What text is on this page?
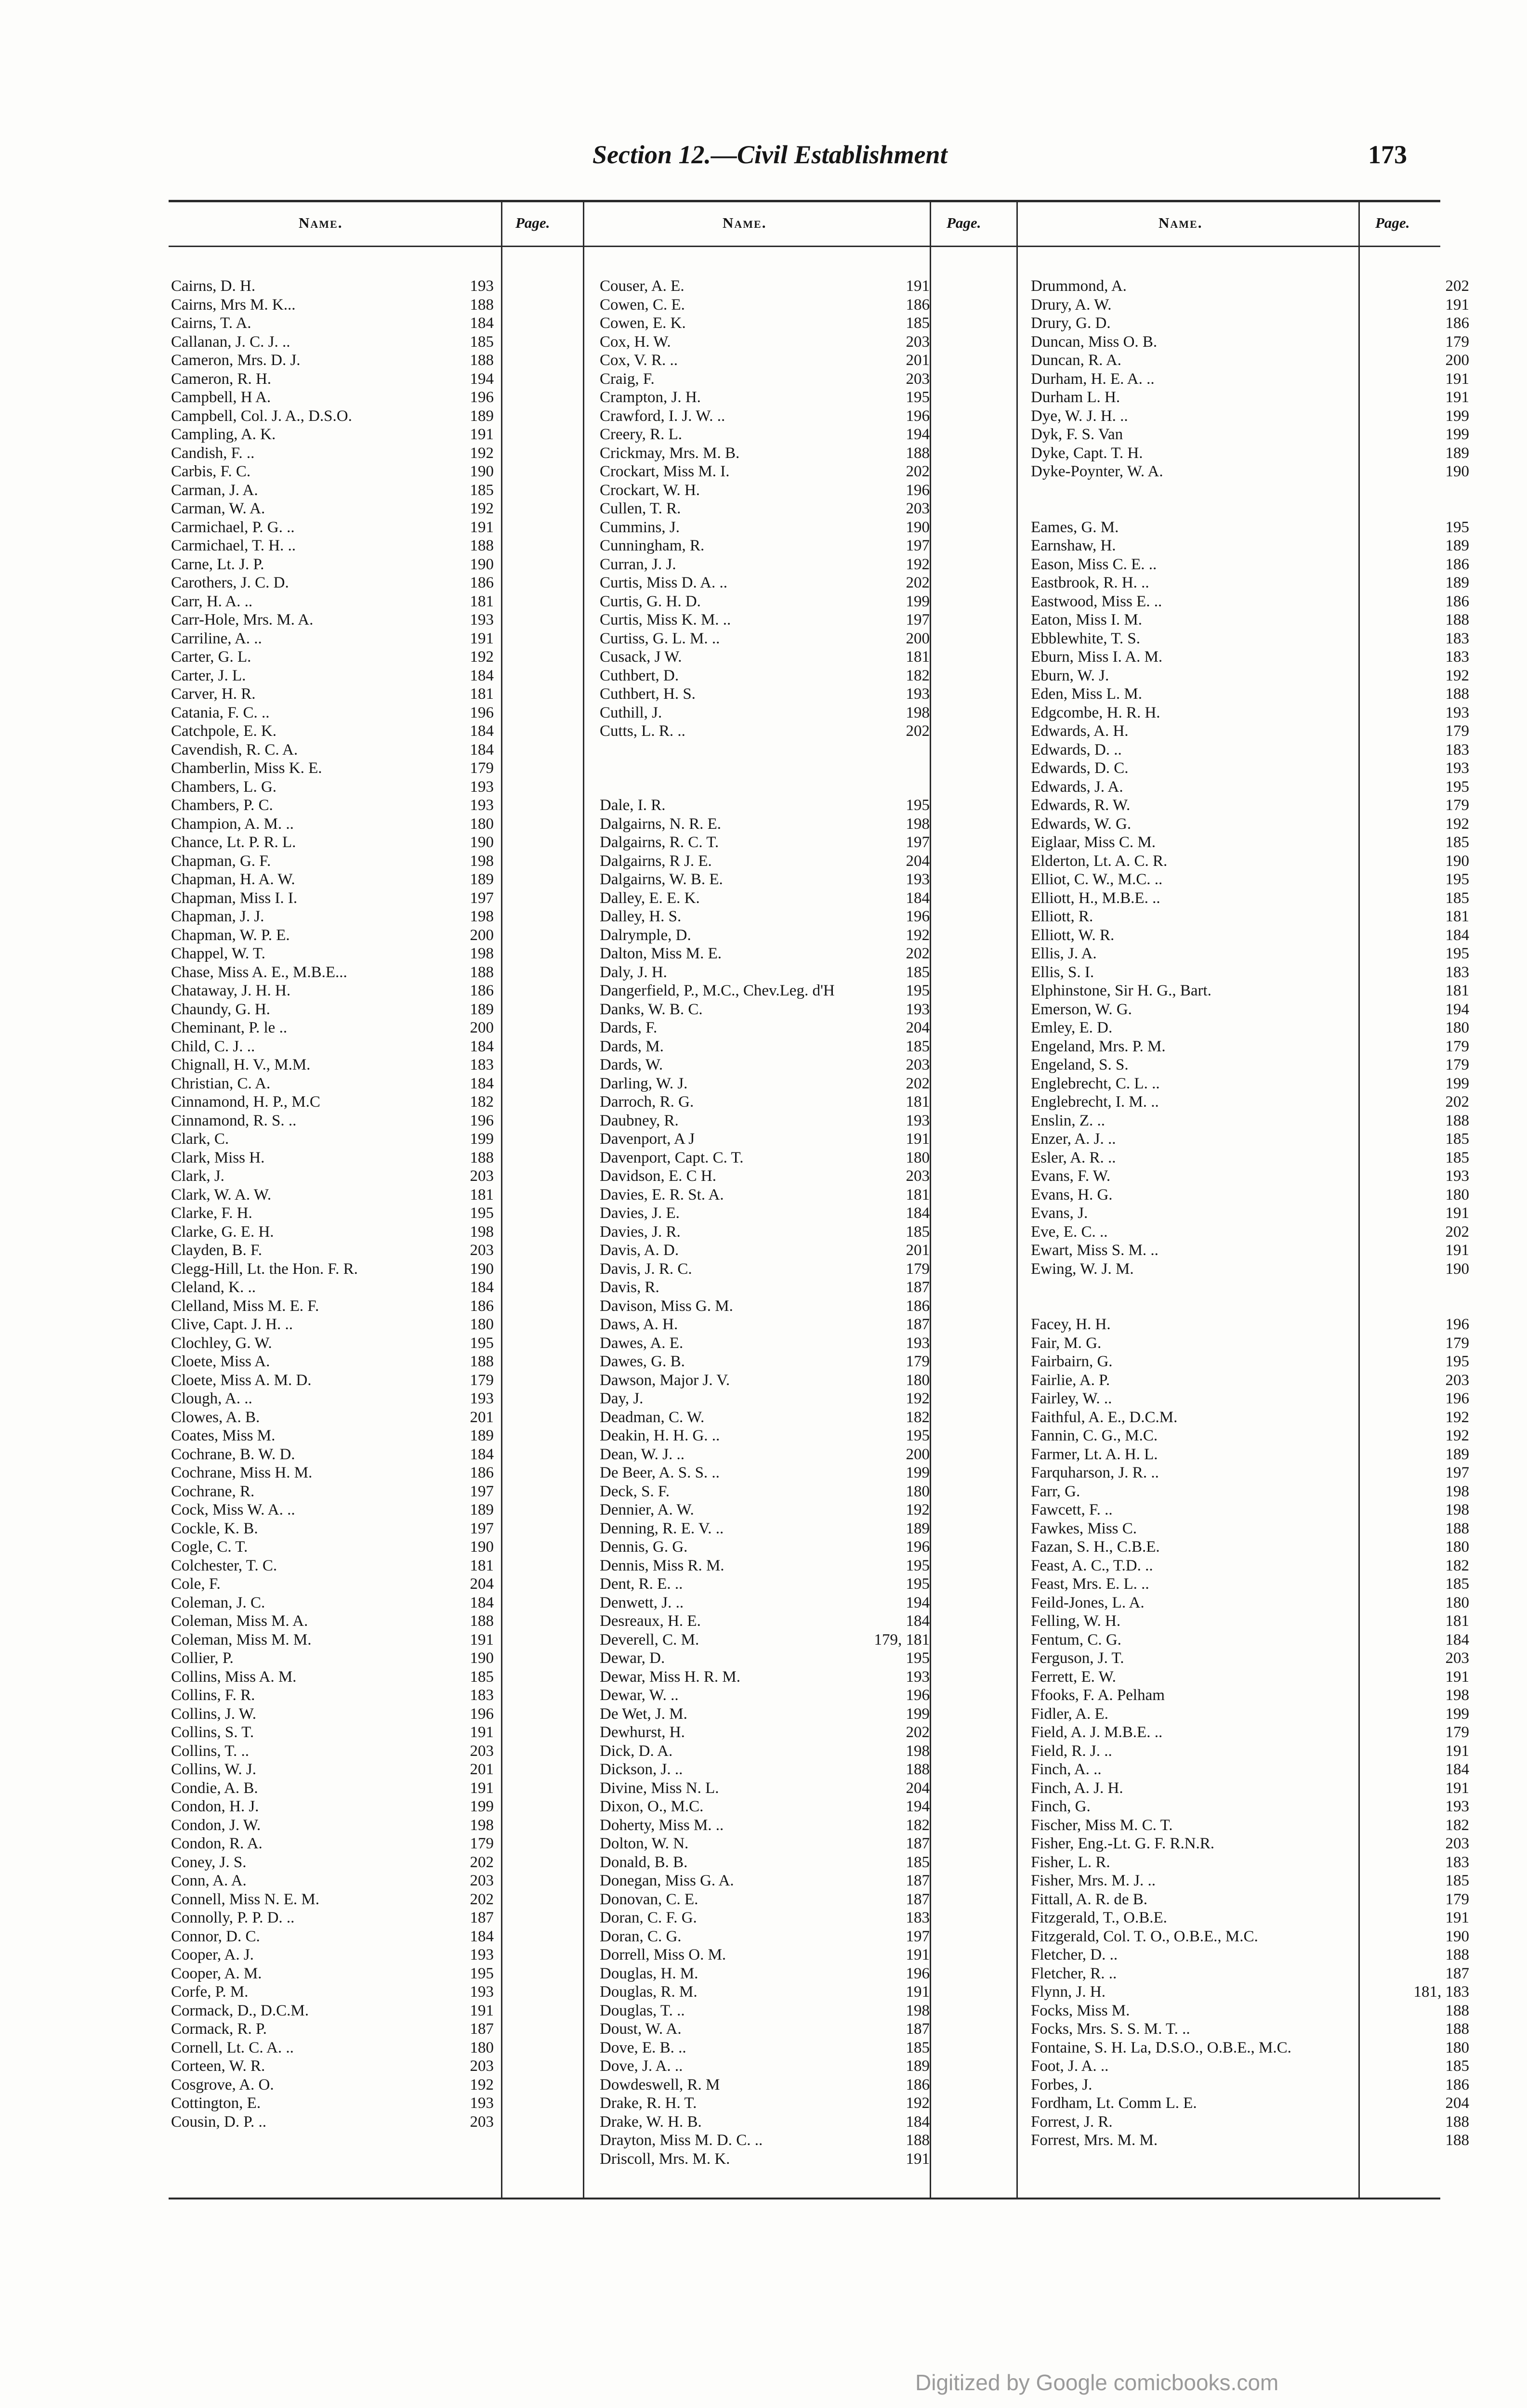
Section 12.—Civil Establishment	173
Name.	Page.	Name.	Page.	Name.	Page.
Cairns, D. H.	193
Cairns, Mrs M. K...	188
Cairns, T. A.	184
Callanan, J. C. J. ..	185
Cameron, Mrs. D. J.	188
Cameron, R. H.	194
Campbell, H A.	196
Campbell, Col. J. A., D.S.O.	189
Campling, A. K.	191
Candish, F. ..	192
Carbis, F. C.	190
Carman, J. A.	185
Carman, W. A.	192
Carmichael, P. G. ..	191
Carmichael, T. H. ..	188
Carne, Lt. J. P.	190
Carothers, J. C. D.	186
Carr, H. A. ..	181
Carr-Hole, Mrs. M. A.	193
Carriline, A. ..	191
Carter, G. L.	192
Carter, J. L.	184
Carver, H. R.	181
Catania, F. C. ..	196
Catchpole, E. K.	184
Cavendish, R. C. A.	184
Chamberlin, Miss K. E.	179
Chambers, L. G.	193
Chambers, P. C.	193
Champion, A. M. ..	180
Chance, Lt. P. R. L.	190
Chapman, G. F.	198
Chapman, H. A. W.	189
Chapman, Miss I. I.	197
Chapman, J. J.	198
Chapman, W. P. E.	200
Chappel, W. T.	198
Chase, Miss A. E., M.B.E...	188
Chataway, J. H. H.	186
Chaundy, G. H.	189
Cheminant, P. le ..	200
Child, C. J. ..	184
Chignall, H. V., M.M.	183
Christian, C. A.	184
Cinnamond, H. P., M.C	182
Cinnamond, R. S. ..	196
Clark, C.	199
Clark, Miss H.	188
Clark, J.	203
Clark, W. A. W.	181
Clarke, F. H.	195
Clarke, G. E. H.	198
Clayden, B. F.	203
Clegg-Hill, Lt. the Hon. F. R.	190
Cleland, K. ..	184
Clelland, Miss M. E. F.	186
Clive, Capt. J. H. ..	180
Clochley, G. W.	195
Cloete, Miss A.	188
Cloete, Miss A. M. D.	179
Clough, A. ..	193
Clowes, A. B.	201
Coates, Miss M.	189
Cochrane, B. W. D.	184
Cochrane, Miss H. M.	186
Cochrane, R.	197
Cock, Miss W. A. ..	189
Cockle, K. B.	197
Cogle, C. T.	190
Colchester, T. C.	181
Cole, F.	204
Coleman, J. C.	184
Coleman, Miss M. A.	188
Coleman, Miss M. M.	191
Collier, P.	190
Collins, Miss A. M.	185
Collins, F. R.	183
Collins, J. W.	196
Collins, S. T.	191
Collins, T. ..	203
Collins, W. J.	201
Condie, A. B.	191
Condon, H. J.	199
Condon, J. W.	198
Condon, R. A.	179
Coney, J. S.	202
Conn, A. A.	203
Connell, Miss N. E. M.	202
Connolly, P. P. D. ..	187
Connor, D. C.	184
Cooper, A. J.	193
Cooper, A. M.	195
Corfe, P. M.	193
Cormack, D., D.C.M.	191
Cormack, R. P.	187
Cornell, Lt. C. A. ..	180
Corteen, W. R.	203
Cosgrove, A. O.	192
Cottington, E.	193
Cousin, D. P. ..	203
Couser, A. E.	191
Cowen, C. E.	186
Cowen, E. K.	185
Cox, H. W.	203
Cox, V. R. ..	201
Craig, F.	203
Crampton, J. H.	195
Crawford, I. J. W. ..	196
Creery, R. L.	194
Crickmay, Mrs. M. B.	188
Crockart, Miss M. I.	202
Crockart, W. H.	196
Cullen, T. R.	203
Cummins, J.	190
Cunningham, R.	197
Curran, J. J.	192
Curtis, Miss D. A. ..	202
Curtis, G. H. D.	199
Curtis, Miss K. M. ..	197
Curtiss, G. L. M. ..	200
Cusack, J W.	181
Cuthbert, D.	182
Cuthbert, H. S.	193
Cuthill, J.	198
Cutts, L. R. ..	202
Dale, I. R.	195
Dalgairns, N. R. E.	198
Dalgairns, R. C. T.	197
Dalgairns, R J. E.	204
Dalgairns, W. B. E.	193
Dalley, E. E. K.	184
Dalley, H. S.	196
Dalrymple, D.	192
Dalton, Miss M. E.	202
Daly, J. H.	185
Dangerfield, P., M.C., Chev.Leg. d'H	195
Danks, W. B. C.	193
Dards, F.	204
Dards, M.	185
Dards, W.	203
Darling, W. J.	202
Darroch, R. G.	181
Daubney, R.	193
Davenport, A J	191
Davenport, Capt. C. T.	180
Davidson, E. C H.	203
Davies, E. R. St. A.	181
Davies, J. E.	184
Davies, J. R.	185
Davis, A. D.	201
Davis, J. R. C.	179
Davis, R.	187
Davison, Miss G. M.	186
Daws, A. H.	187
Dawes, A. E.	193
Dawes, G. B.	179
Dawson, Major J. V.	180
Day, J.	192
Deadman, C. W.	182
Deakin, H. H. G. ..	195
Dean, W. J. ..	200
De Beer, A. S. S. ..	199
Deck, S. F.	180
Dennier, A. W.	192
Denning, R. E. V. ..	189
Dennis, G. G.	196
Dennis, Miss R. M.	195
Dent, R. E. ..	195
Denwett, J. ..	194
Desreaux, H. E.	184
Deverell, C. M.	179, 181
Dewar, D.	195
Dewar, Miss H. R. M.	193
Dewar, W. ..	196
De Wet, J. M.	199
Dewhurst, H.	202
Dick, D. A.	198
Dickson, J. ..	188
Divine, Miss N. L.	204
Dixon, O., M.C.	194
Doherty, Miss M. ..	182
Dolton, W. N.	187
Donald, B. B.	185
Donegan, Miss G. A.	187
Donovan, C. E.	187
Doran, C. F. G.	183
Doran, C. G.	197
Dorrell, Miss O. M.	191
Douglas, H. M.	196
Douglas, R. M.	191
Douglas, T. ..	198
Doust, W. A.	187
Dove, E. B. ..	185
Dove, J. A. ..	189
Dowdeswell, R. M	186
Drake, R. H. T.	192
Drake, W. H. B.	184
Drayton, Miss M. D. C. ..	188
Driscoll, Mrs. M. K.	191
Drummond, A.	202
Drury, A. W.	191
Drury, G. D.	186
Duncan, Miss O. B.	179
Duncan, R. A.	200
Durham, H. E. A. ..	191
Durham L. H.	191
Dye, W. J. H. ..	199
Dyk, F. S. Van	199
Dyke, Capt. T. H.	189
Dyke-Poynter, W. A.	190
Eames, G. M.	195
Earnshaw, H.	189
Eason, Miss C. E. ..	186
Eastbrook, R. H. ..	189
Eastwood, Miss E. ..	186
Eaton, Miss I. M.	188
Ebblewhite, T. S.	183
Eburn, Miss I. A. M.	183
Eburn, W. J.	192
Eden, Miss L. M.	188
Edgcombe, H. R. H.	193
Edwards, A. H.	179
Edwards, D. ..	183
Edwards, D. C.	193
Edwards, J. A.	195
Edwards, R. W.	179
Edwards, W. G.	192
Eiglaar, Miss C. M.	185
Elderton, Lt. A. C. R.	190
Elliot, C. W., M.C. ..	195
Elliott, H., M.B.E. ..	185
Elliott, R.	181
Elliott, W. R.	184
Ellis, J. A.	195
Ellis, S. I.	183
Elphinstone, Sir H. G., Bart.	181
Emerson, W. G.	194
Emley, E. D.	180
Engeland, Mrs. P. M.	179
Engeland, S. S.	179
Englebrecht, C. L. ..	199
Englebrecht, I. M. ..	202
Enslin, Z. ..	188
Enzer, A. J. ..	185
Esler, A. R. ..	185
Evans, F. W.	193
Evans, H. G.	180
Evans, J.	191
Eve, E. C. ..	202
Ewart, Miss S. M. ..	191
Ewing, W. J. M.	190
Facey, H. H.	196
Fair, M. G.	179
Fairbairn, G.	195
Fairlie, A. P.	203
Fairley, W. ..	196
Faithful, A. E., D.C.M.	192
Fannin, C. G., M.C.	192
Farmer, Lt. A. H. L.	189
Farquharson, J. R. ..	197
Farr, G.	198
Fawcett, F. ..	198
Fawkes, Miss C.	188
Fazan, S. H., C.B.E.	180
Feast, A. C., T.D. ..	182
Feast, Mrs. E. L. ..	185
Feild-Jones, L. A.	180
Felling, W. H.	181
Fentum, C. G.	184
Ferguson, J. T.	203
Ferrett, E. W.	191
Ffooks, F. A. Pelham	198
Fidler, A. E.	199
Field, A. J. M.B.E. ..	179
Field, R. J. ..	191
Finch, A. ..	184
Finch, A. J. H.	191
Finch, G.	193
Fischer, Miss M. C. T.	182
Fisher, Eng.-Lt. G. F. R.N.R.	203
Fisher, L. R.	183
Fisher, Mrs. M. J. ..	185
Fittall, A. R. de B.	179
Fitzgerald, T., O.B.E.	191
Fitzgerald, Col. T. O., O.B.E., M.C.	190
Fletcher, D. ..	188
Fletcher, R. ..	187
Flynn, J. H.	181, 183
Focks, Miss M.	188
Focks, Mrs. S. S. M. T. ..	188
Fontaine, S. H. La, D.S.O., O.B.E., M.C.	180
Foot, J. A. ..	185
Forbes, J.	186
Fordham, Lt. Comm L. E.	204
Forrest, J. R.	188
Forrest, Mrs. M. M.	188
Digitized by Google comicbooks.com
